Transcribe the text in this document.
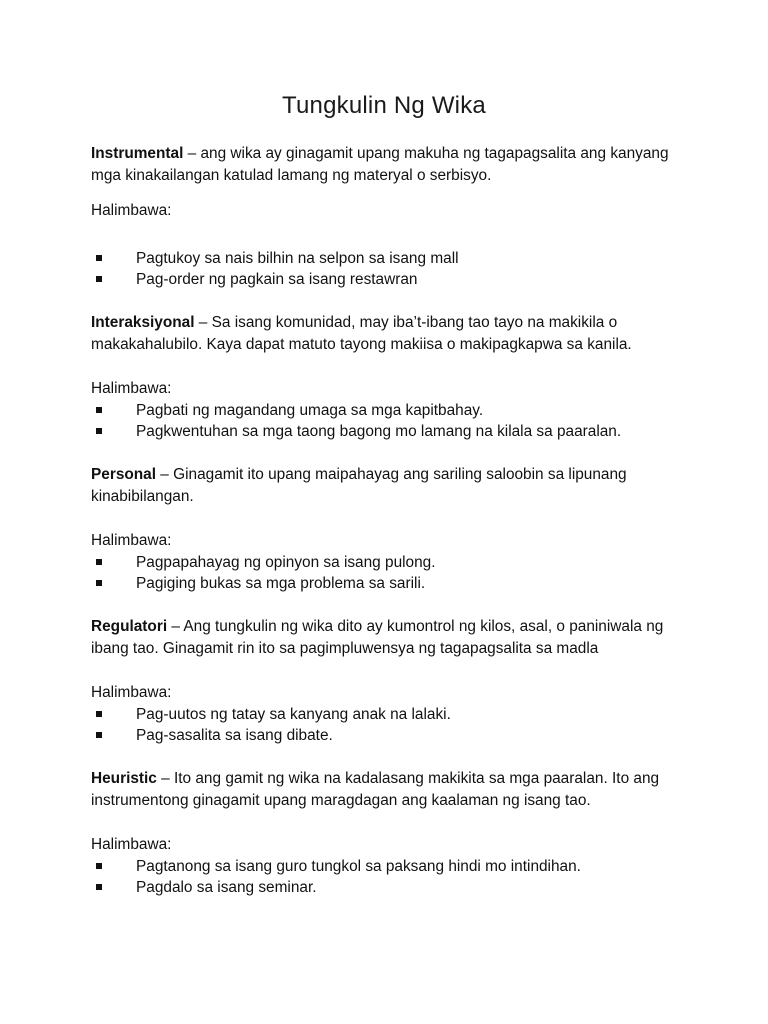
Tungkulin Ng Wika

Instrumental – ang wika ay ginagamit upang makuha ng tagapagsalita ang kanyang mga kinakailangan katulad lamang ng materyal o serbisyo.

Halimbawa:

Pagtukoy sa nais bilhin na selpon sa isang mall
Pag-order ng pagkain sa isang restawran

Interaksiyonal – Sa isang komunidad, may iba’t-ibang tao tayo na makikila o makakahalubilo. Kaya dapat matuto tayong makiisa o makipagkapwa sa kanila.

Halimbawa:

Pagbati ng magandang umaga sa mga kapitbahay.
Pagkwentuhan sa mga taong bagong mo lamang na kilala sa paaralan.

Personal – Ginagamit ito upang maipahayag ang sariling saloobin sa lipunang kinabibilangan.

Halimbawa:

Pagpapahayag ng opinyon sa isang pulong.
Pagiging bukas sa mga problema sa sarili.

Regulatori – Ang tungkulin ng wika dito ay kumontrol ng kilos, asal, o paniniwala ng ibang tao. Ginagamit rin ito sa pagimpluwensya ng tagapagsalita sa madla

Halimbawa:

Pag-uutos ng tatay sa kanyang anak na lalaki.
Pag-sasalita sa isang dibate.

Heuristic – Ito ang gamit ng wika na kadalasang makikita sa mga paaralan. Ito ang instrumentong ginagamit upang maragdagan ang kaalaman ng isang tao.

Halimbawa:

Pagtanong sa isang guro tungkol sa paksang hindi mo intindihan.
Pagdalo sa isang seminar.
